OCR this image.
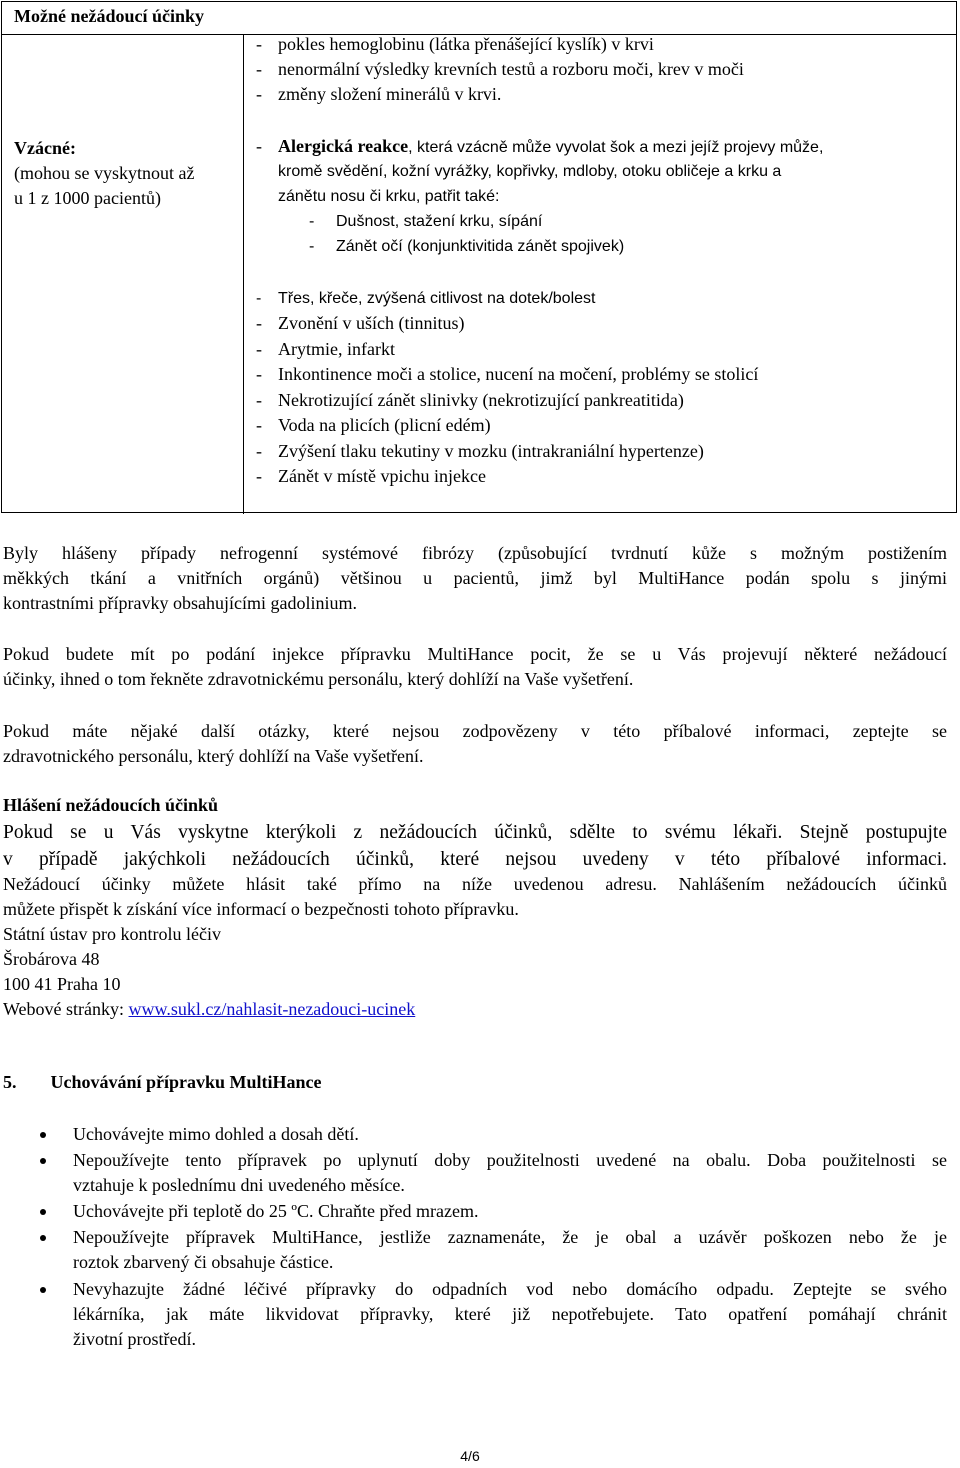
Možné nežádoucí účinky
Vzácné:
(mohou se vyskytnout až
u 1 z 1000 pacientů)
- pokles hemoglobinu (látka přenášející kyslík) v krvi
- nenormální výsledky krevních testů a rozboru moči, krev v moči
- změny složení minerálů v krvi.
- Alergická reakce, která vzácně může vyvolat šok a mezi jejíž projevy může,
kromě svědění, kožní vyrážky, kopřivky, mdloby, otoku obličeje a krku a
zánětu nosu či krku, patřit také:
- Dušnost, stažení krku, sípání
- Zánět očí (konjunktivitida zánět spojivek)
- Třes, křeče, zvýšená citlivost na dotek/bolest
- Zvonění v uších (tinnitus)
- Arytmie, infarkt
- Inkontinence moči a stolice, nucení na močení, problémy se stolicí
- Nekrotizující zánět slinivky (nekrotizující pankreatitida)
- Voda na plicích (plicní edém)
- Zvýšení tlaku tekutiny v mozku (intrakraniální hypertenze)
- Zánět v místě vpichu injekce
Byly hlášeny případy nefrogenní systémové fibrózy (způsobující tvrdnutí kůže s možným postižením
měkkých tkání a vnitřních orgánů) většinou u pacientů, jimž byl MultiHance podán spolu s jinými
kontrastními přípravky obsahujícími gadolinium.
Pokud budete mít po podání injekce přípravku MultiHance pocit, že se u Vás projevují některé nežádoucí
účinky, ihned o tom řekněte zdravotnickému personálu, který dohlíží na Vaše vyšetření.
Pokud máte nějaké další otázky, které nejsou zodpovězeny v této příbalové informaci, zeptejte se
zdravotnického personálu, který dohlíží na Vaše vyšetření.
Hlášení nežádoucích účinků
Pokud se u Vás vyskytne kterýkoli z nežádoucích účinků, sdělte to svému lékaři. Stejně postupujte
v případě jakýchkoli nežádoucích účinků, které nejsou uvedeny v této příbalové informaci.
Nežádoucí účinky můžete hlásit také přímo na níže uvedenou adresu. Nahlášením nežádoucích účinků
můžete přispět k získání více informací o bezpečnosti tohoto přípravku.
Státní ústav pro kontrolu léčiv
Šrobárova 48
100 41 Praha 10
Webové stránky: www.sukl.cz/nahlasit-nezadouci-ucinek
5. Uchovávání přípravku MultiHance
Uchovávejte mimo dohled a dosah dětí.
Nepoužívejte tento přípravek po uplynutí doby použitelnosti uvedené na obalu. Doba použitelnosti se
vztahuje k poslednímu dni uvedeného měsíce.
Uchovávejte při teplotě do 25 ºC. Chraňte před mrazem.
Nepoužívejte přípravek MultiHance, jestliže zaznamenáte, že je obal a uzávěr poškozen nebo že je
roztok zbarvený či obsahuje částice.
Nevyhazujte žádné léčivé přípravky do odpadních vod nebo domácího odpadu. Zeptejte se svého
lékárníka, jak máte likvidovat přípravky, které již nepotřebujete. Tato opatření pomáhají chránit
životní prostředí.
4/6
